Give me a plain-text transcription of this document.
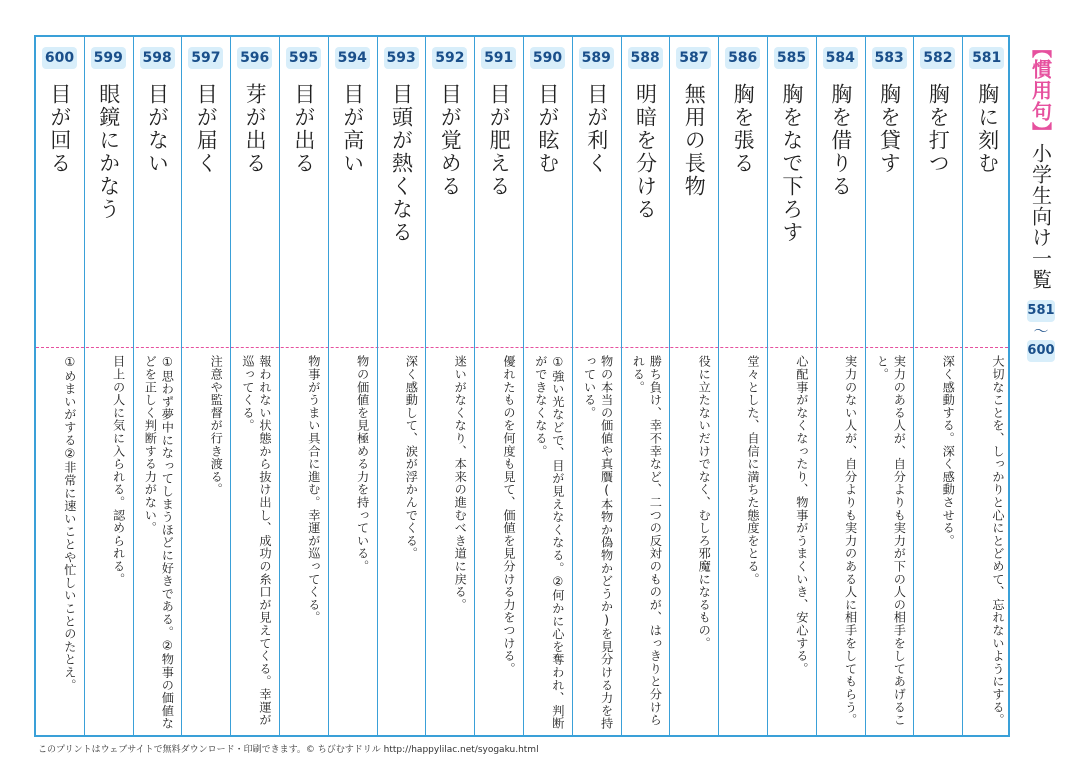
600
目が回る
①めまいがする②非常に速いことや忙しいことのたとえ。
599
眼鏡にかなう
目上の人に気に入られる。認められる。
598
目がない
①思わず夢中になってしまうほどに好きである。②物事の価値などを正しく判断する力がない。
597
目が届く
注意や監督が行き渡る。
596
芽が出る
報われない状態から抜け出し、成功の糸口が見えてくる。幸運が巡ってくる。
595
目が出る
物事がうまい具合に進む。幸運が巡ってくる。
594
目が高い
物の価値を見極める力を持っている。
593
目頭が熱くなる
深く感動して、涙が浮かんでくる。
592
目が覚める
迷いがなくなり、本来の進むべき道に戻る。
591
目が肥える
優れたものを何度も見て、価値を見分ける力をつける。
590
目が眩む
①強い光などで、目が見えなくなる。②何かに心を奪われ、判断ができなくなる。
589
目が利く
物の本当の価値や真贋(本物か偽物かどうか)を見分ける力を持っている。
588
明暗を分ける
勝ち負け、幸不幸など、二つの反対のものが、はっきりと分けられる。
587
無用の長物
役に立たないだけでなく、むしろ邪魔になるもの。
586
胸を張る
堂々とした、自信に満ちた態度をとる。
585
胸をなで下ろす
心配事がなくなったり、物事がうまくいき、安心する。
584
胸を借りる
実力のない人が、自分よりも実力のある人に相手をしてもらう。
583
胸を貸す
実力のある人が、自分よりも実力が下の人の相手をしてあげること。
582
胸を打つ
深く感動する。深く感動させる。
581
胸に刻む
大切なことを、しっかりと心にとどめて、忘れないようにする。
【
慣用句
】
小学生向け一覧
581
〜
600
このプリントはウェブサイトで無料ダウンロード・印刷できます。© ちびむすドリル http://happylilac.net/syogaku.html
